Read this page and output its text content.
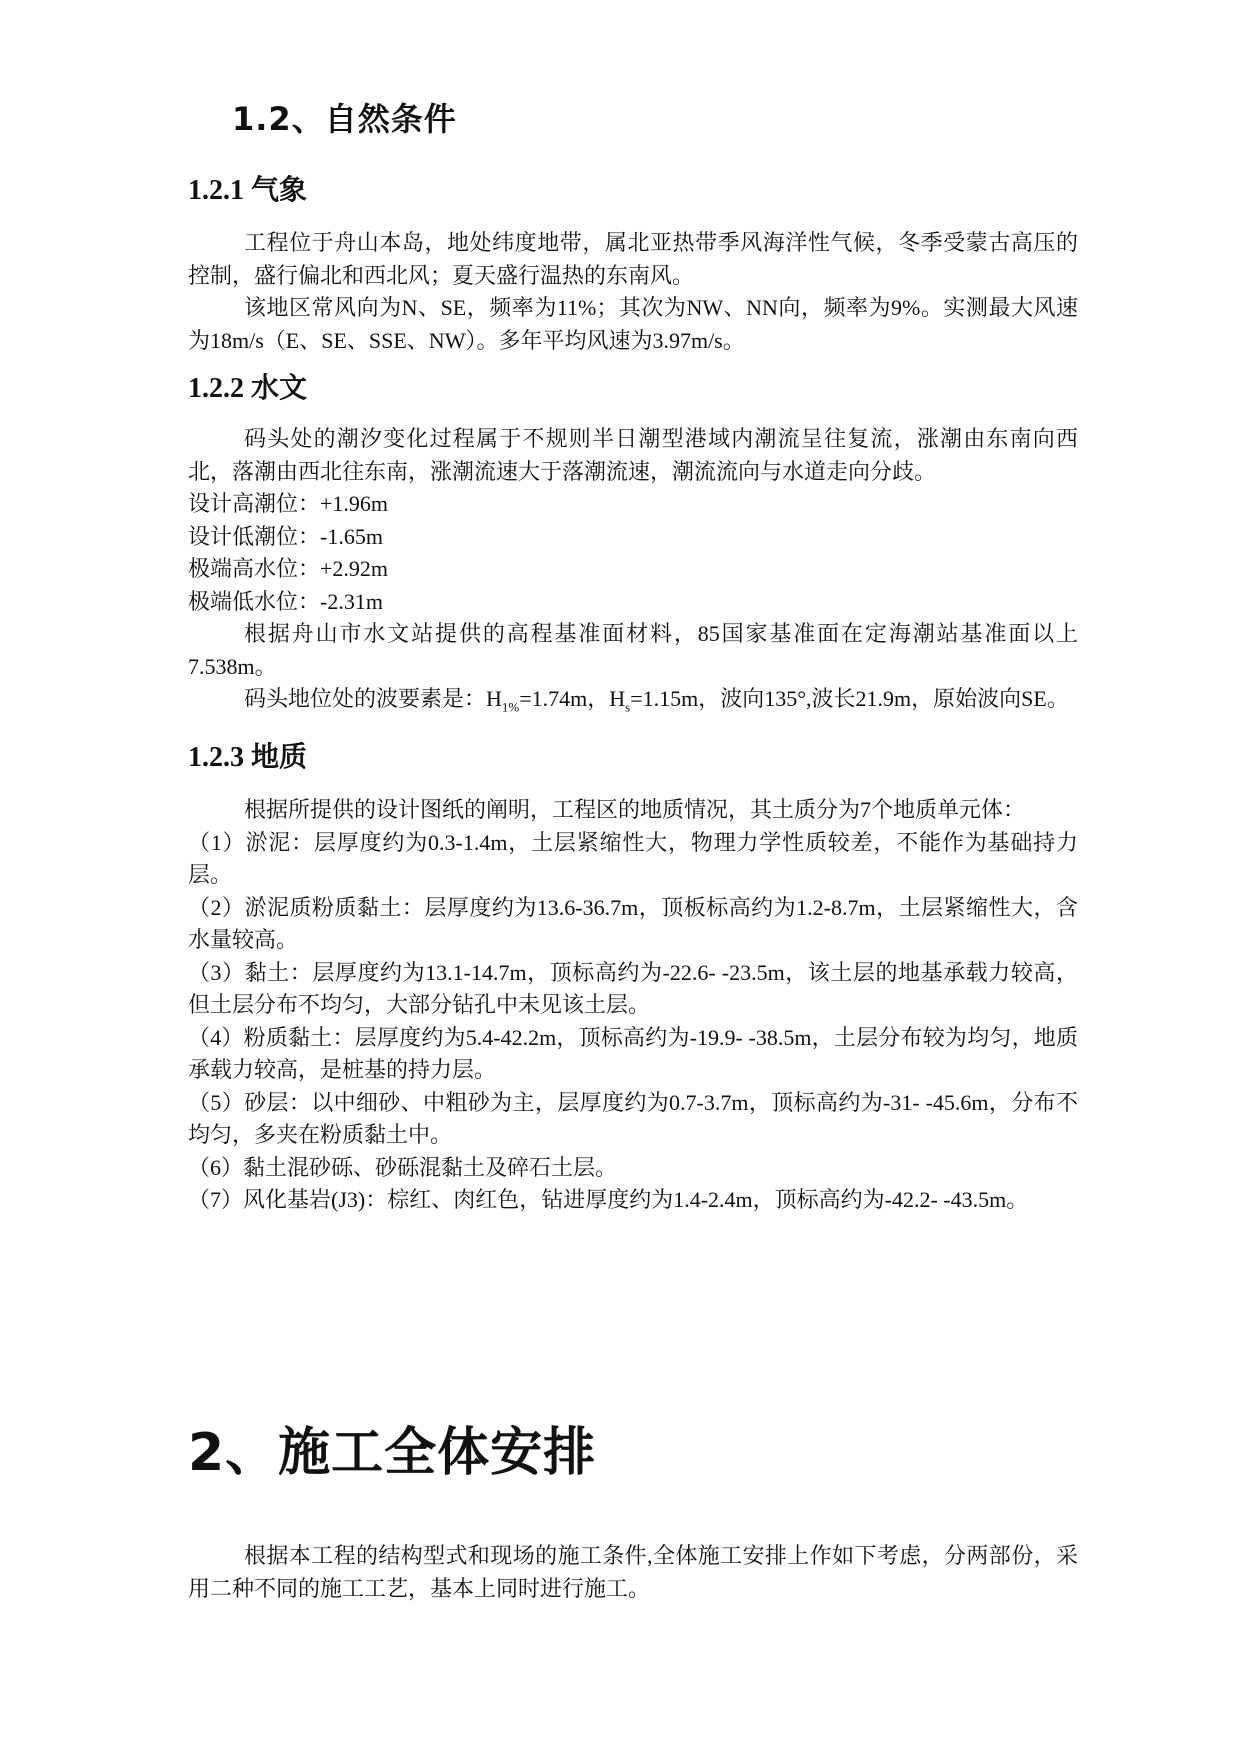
1.2、自然条件
1.2.1 气象

工程位于舟山本岛，地处纬度地带，属北亚热带季风海洋性气候，冬季受蒙古高压的控制，盛行偏北和西北风；夏天盛行温热的东南风。

该地区常风向为N、SE，频率为11%；其次为NW、NN向，频率为9%。实测最大风速为18m/s（E、SE、SSE、NW）。多年平均风速为3.97m/s。

1.2.2 水文

码头处的潮汐变化过程属于不规则半日潮型港域内潮流呈往复流，涨潮由东南向西北，落潮由西北往东南，涨潮流速大于落潮流速，潮流流向与水道走向分歧。

设计高潮位：+1.96m

设计低潮位：-1.65m

极端高水位：+2.92m

极端低水位：-2.31m

根据舟山市水文站提供的高程基准面材料，85国家基准面在定海潮站基准面以上7.538m。

码头地位处的波要素是：$H_{1\%}=1.74m$，$H_s=1.15m$，波向135°,波长21.9m，原始波向SE。

1.2.3 地质

根据所提供的设计图纸的阐明，工程区的地质情况，其土质分为7个地质单元体：

（1）淤泥：层厚度约为0.3-1.4m，土层紧缩性大，物理力学性质较差，不能作为基础持力层。

（2）淤泥质粉质黏土：层厚度约为13.6-36.7m，顶板标高约为1.2-8.7m，土层紧缩性大，含水量较高。

（3）黏土：层厚度约为13.1-14.7m，顶标高约为-22.6- -23.5m，该土层的地基承载力较高，但土层分布不均匀，大部分钻孔中未见该土层。

（4）粉质黏土：层厚度约为5.4-42.2m，顶标高约为-19.9- -38.5m，土层分布较为均匀，地质承载力较高，是桩基的持力层。

（5）砂层：以中细砂、中粗砂为主，层厚度约为0.7-3.7m，顶标高约为-31- -45.6m，分布不均匀，多夹在粉质黏土中。

（6）黏土混砂砾、砂砾混黏土及碎石土层。

（7）风化基岩(J3)：棕红、肉红色，钻进厚度约为1.4-2.4m，顶标高约为-42.2- -43.5m。

2、施工全体安排

根据本工程的结构型式和现场的施工条件,全体施工安排上作如下考虑，分两部份，采用二种不同的施工工艺，基本上同时进行施工。
